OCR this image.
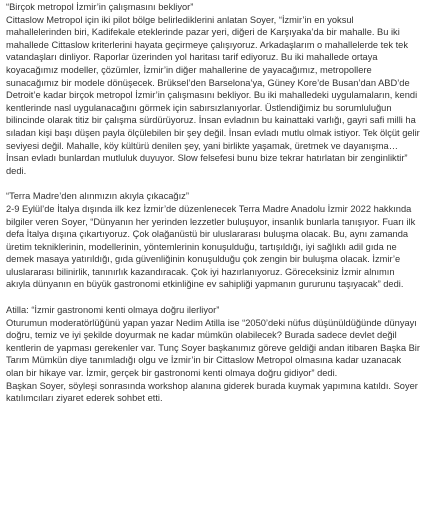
“Birçok metropol İzmir’in çalışmasını bekliyor”

Cittaslow Metropol için iki pilot bölge belirlediklerini anlatan Soyer, “İzmir’in en yoksul mahallelerinden biri, Kadifekale eteklerinde pazar yeri, diğeri de Karşıyaka’da bir mahalle. Bu iki mahallede Cittaslow kriterlerini hayata geçirmeye çalışıyoruz. Arkadaşlarım o mahallelerde tek tek vatandaşları dinliyor. Raporlar üzerinden yol haritası tarif ediyoruz. Bu iki mahallede ortaya koyacağımız modeller, çözümler, İzmir’in diğer mahallerine de yayacağımız, metropollere sunacağımız bir modele dönüşecek. Brüksel’den Barselona’ya, Güney Kore’de Busan’dan ABD’de Detroit’e kadar birçok metropol İzmir’in çalışmasını bekliyor. Bu iki mahalledeki uygulamaların, kendi kentlerinde nasl uygulanacağını görmek için sabırsızlanıyorlar. Üstlendiğimiz bu sorumluluğun bilincinde olarak titiz bir çalışma sürdürüyoruz. İnsan evladnın bu kainattaki varlığı, gayri safi milli ha sıladan kişi başı düşen payla ölçülebilen bir şey değil. İnsan evladı mutlu olmak istiyor. Tek ölçüt gelir seviyesi değil. Mahalle, köy kültürü denilen şey, yani birlikte yaşamak, üretmek ve dayanışma… İnsan evladı bunlardan mutluluk duyuyor. Slow felsefesi bunu bize tekrar hatırlatan bir zenginliktir” dedi.

“Terra Madre’den alınmızın akıyla çıkacağız”

2-9 Eylül’de İtalya dışında ilk kez İzmir’de düzenlenecek Terra Madre Anadolu İzmir 2022 hakkında bilgiler veren Soyer, “Dünyanın her yerinden lezzetler buluşuyor, insanlık bunlarla tanışıyor. Fuarı ilk defa İtalya dışına çıkartıyoruz. Çok olağanüstü bir uluslararası buluşma olacak. Bu, aynı zamanda üretim tekniklerinin, modellerinin, yöntemlerinin konuşulduğu, tartışıldığı, iyi sağlıklı adil gıda ne demek masaya yatırıldığı, gıda güvenliğinin konuşulduğu çok zengin bir buluşma olacak. İzmir’e uluslararası bilinirlik, tanınırlık kazandıracak. Çok iyi hazırlanıyoruz. Göreceksiniz İzmir alnımın akıyla dünyanın en büyük gastronomi etkinliğine ev sahipliği yapmanın gururunu taşıyacak” dedi.

Atilla: “İzmir gastronomi kenti olmaya doğru ilerliyor”

Oturumun moderatörlüğünü yapan yazar Nedim Atilla ise “2050’deki nüfus düşünüldüğünde dünyayı doğru, temiz ve iyi şekilde doyurmak ne kadar mümkün olabilecek? Burada sadece devlet değil kentlerin de yapması gerekenler var. Tunç Soyer başkanımız göreve geldiği andan itibaren Başka Bir Tarım Mümkün diye tanımladığı olgu ve İzmir’in bir Cittaslow Metropol olmasına kadar uzanacak olan bir hikaye var. İzmir, gerçek bir gastronomi kenti olmaya doğru gidiyor” dedi.

Başkan Soyer, söyleşi sonrasında workshop alanına giderek burada kuymak yapımına katıldı. Soyer katılımcıları ziyaret ederek sohbet etti.
